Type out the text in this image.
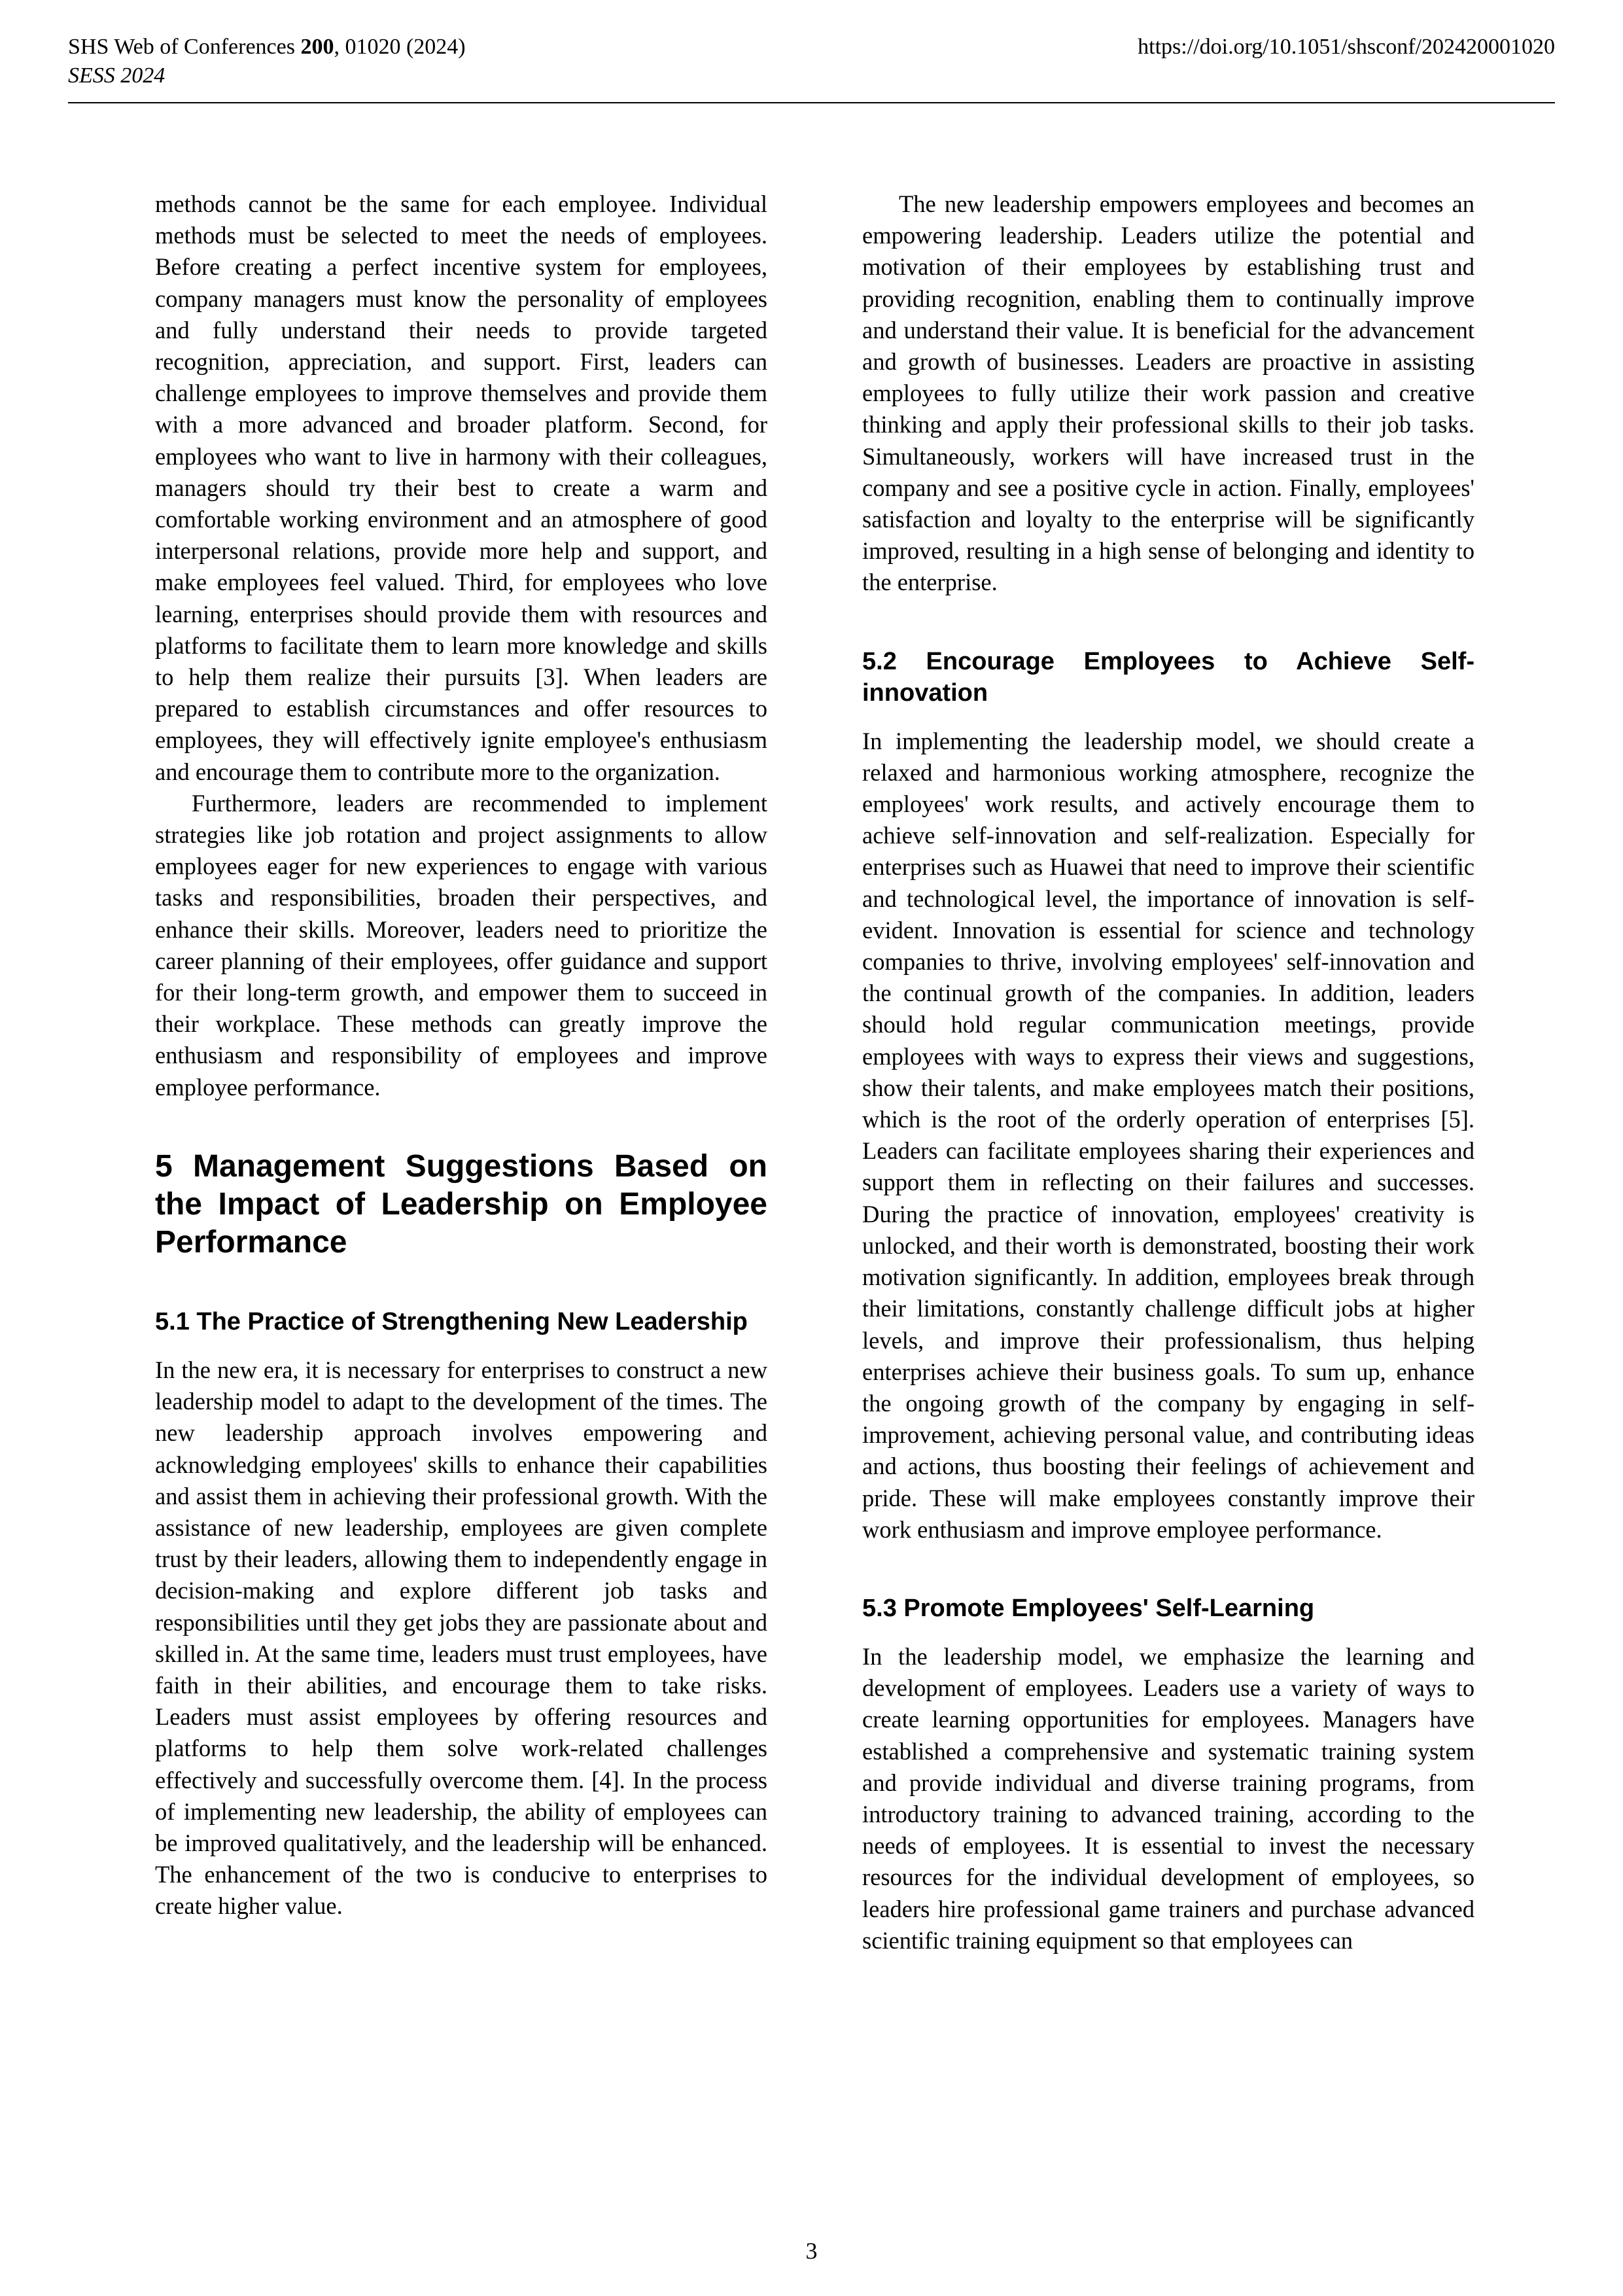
SHS Web of Conferences 200, 01020 (2024)
SESS 2024
https://doi.org/10.1051/shsconf/202420001020

methods cannot be the same for each employee. Individual methods must be selected to meet the needs of employees. Before creating a perfect incentive system for employees, company managers must know the personality of employees and fully understand their needs to provide targeted recognition, appreciation, and support. First, leaders can challenge employees to improve themselves and provide them with a more advanced and broader platform. Second, for employees who want to live in harmony with their colleagues, managers should try their best to create a warm and comfortable working environment and an atmosphere of good interpersonal relations, provide more help and support, and make employees feel valued. Third, for employees who love learning, enterprises should provide them with resources and platforms to facilitate them to learn more knowledge and skills to help them realize their pursuits [3]. When leaders are prepared to establish circumstances and offer resources to employees, they will effectively ignite employee's enthusiasm and encourage them to contribute more to the organization.

Furthermore, leaders are recommended to implement strategies like job rotation and project assignments to allow employees eager for new experiences to engage with various tasks and responsibilities, broaden their perspectives, and enhance their skills. Moreover, leaders need to prioritize the career planning of their employees, offer guidance and support for their long-term growth, and empower them to succeed in their workplace. These methods can greatly improve the enthusiasm and responsibility of employees and improve employee performance.

5 Management Suggestions Based on the Impact of Leadership on Employee Performance
5.1 The Practice of Strengthening New Leadership

In the new era, it is necessary for enterprises to construct a new leadership model to adapt to the development of the times. The new leadership approach involves empowering and acknowledging employees' skills to enhance their capabilities and assist them in achieving their professional growth. With the assistance of new leadership, employees are given complete trust by their leaders, allowing them to independently engage in decision-making and explore different job tasks and responsibilities until they get jobs they are passionate about and skilled in. At the same time, leaders must trust employees, have faith in their abilities, and encourage them to take risks. Leaders must assist employees by offering resources and platforms to help them solve work-related challenges effectively and successfully overcome them. [4]. In the process of implementing new leadership, the ability of employees can be improved qualitatively, and the leadership will be enhanced. The enhancement of the two is conducive to enterprises to create higher value.

The new leadership empowers employees and becomes an empowering leadership. Leaders utilize the potential and motivation of their employees by establishing trust and providing recognition, enabling them to continually improve and understand their value. It is beneficial for the advancement and growth of businesses. Leaders are proactive in assisting employees to fully utilize their work passion and creative thinking and apply their professional skills to their job tasks. Simultaneously, workers will have increased trust in the company and see a positive cycle in action. Finally, employees' satisfaction and loyalty to the enterprise will be significantly improved, resulting in a high sense of belonging and identity to the enterprise.

5.2 Encourage Employees to Achieve Self-innovation

In implementing the leadership model, we should create a relaxed and harmonious working atmosphere, recognize the employees' work results, and actively encourage them to achieve self-innovation and self-realization. Especially for enterprises such as Huawei that need to improve their scientific and technological level, the importance of innovation is self-evident. Innovation is essential for science and technology companies to thrive, involving employees' self-innovation and the continual growth of the companies. In addition, leaders should hold regular communication meetings, provide employees with ways to express their views and suggestions, show their talents, and make employees match their positions, which is the root of the orderly operation of enterprises [5]. Leaders can facilitate employees sharing their experiences and support them in reflecting on their failures and successes. During the practice of innovation, employees' creativity is unlocked, and their worth is demonstrated, boosting their work motivation significantly. In addition, employees break through their limitations, constantly challenge difficult jobs at higher levels, and improve their professionalism, thus helping enterprises achieve their business goals. To sum up, enhance the ongoing growth of the company by engaging in self-improvement, achieving personal value, and contributing ideas and actions, thus boosting their feelings of achievement and pride. These will make employees constantly improve their work enthusiasm and improve employee performance.

5.3 Promote Employees' Self-Learning

In the leadership model, we emphasize the learning and development of employees. Leaders use a variety of ways to create learning opportunities for employees. Managers have established a comprehensive and systematic training system and provide individual and diverse training programs, from introductory training to advanced training, according to the needs of employees. It is essential to invest the necessary resources for the individual development of employees, so leaders hire professional game trainers and purchase advanced scientific training equipment so that employees can

3
